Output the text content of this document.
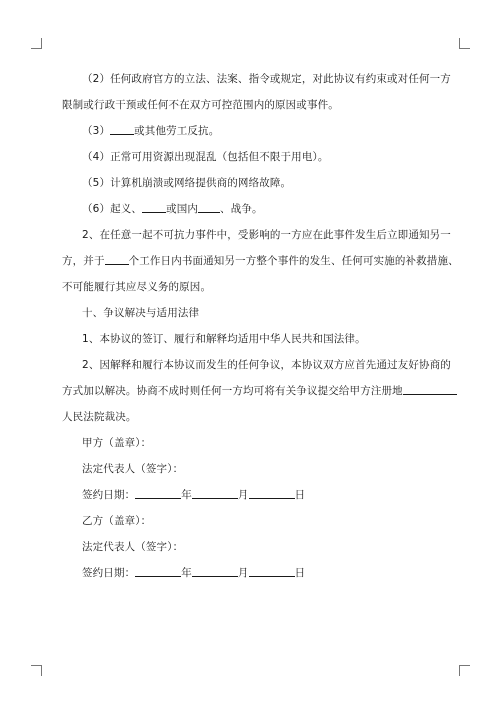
（2）任何政府官方的立法、法案、指令或规定，对此协议有约束或对任何一方

限制或行政干预或任何不在双方可控范围内的原因或事件。

（3） 或其他劳工反抗。

（4）正常可用资源出现混乱（包括但不限于用电）。

（5）计算机崩溃或网络提供商的网络故障。

（6）起义、 或国内 、战争。

2、在任意一起不可抗力事件中，受影响的一方应在此事件发生后立即通知另一

方，并于 个工作日内书面通知另一方整个事件的发生、任何可实施的补救措施、

不可能履行其应尽义务的原因。

十、争议解决与适用法律

1、本协议的签订、履行和解释均适用中华人民共和国法律。

2、因解释和履行本协议而发生的任何争议，本协议双方应首先通过友好协商的

方式加以解决。协商不成时则任何一方均可将有关争议提交给甲方注册地

人民法院裁决。

甲方（盖章）：

法定代表人（签字）：

签约日期：	年	月	日

乙方（盖章）：

法定代表人（签字）：

签约日期：	年	月	日
